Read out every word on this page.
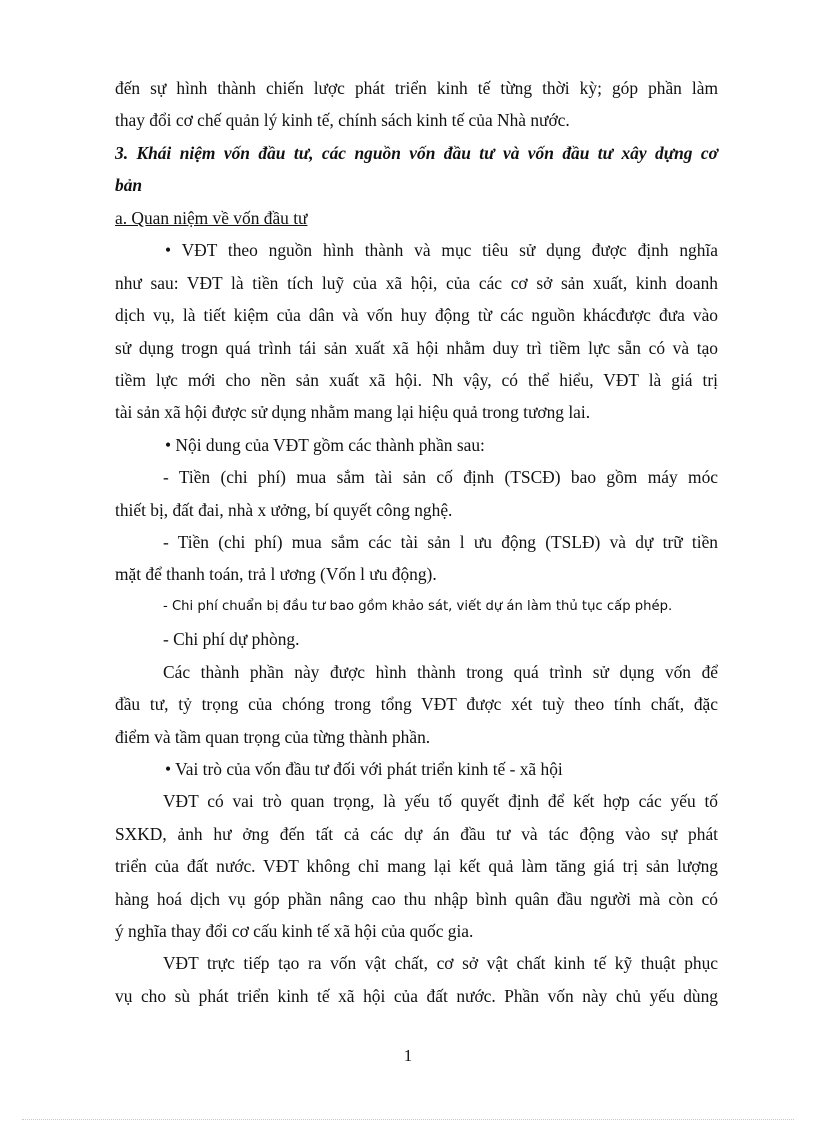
đến sự hình thành chiến lược phát triển kinh tế từng thời kỳ; góp phần làm
thay đổi cơ chế quản lý kinh tế, chính sách kinh tế của Nhà nước.
3. Khái niệm vốn đầu tư, các nguồn vốn đầu tư và vốn đầu tư xây dựng cơ
bản
a. Quan niệm về vốn đầu tư
• VĐT theo nguồn hình thành và mục tiêu sử dụng được định nghĩa
như sau: VĐT là tiền tích luỹ của xã hội, của các cơ sở sản xuất, kinh doanh
dịch vụ, là tiết kiệm của dân và vốn huy động từ các nguồn khácđược đưa vào
sử dụng trogn quá trình tái sản xuất xã hội nhằm duy trì tiềm lực sẵn có và tạo
tiềm lực mới cho nền sản xuất xã hội. Nh vậy, có thể hiểu, VĐT là giá trị
tài sản xã hội được sử dụng nhằm mang lại hiệu quả trong tương lai.
• Nội dung của VĐT gồm các thành phần sau:
- Tiền (chi phí) mua sắm tài sản cố định (TSCĐ) bao gồm máy móc
thiết bị, đất đai, nhà x ưởng, bí quyết công nghệ.
- Tiền (chi phí) mua sắm các tài sản l ưu động (TSLĐ) và dự trữ tiền
mặt để thanh toán, trả l ương (Vốn l ưu động).
- Chi phí chuẩn bị đầu tư bao gồm khảo sát, viết dự án làm thủ tục cấp phép.
- Chi phí dự phòng.
Các thành phần này được hình thành trong quá trình sử dụng vốn để
đầu tư, tỷ trọng của chóng trong tổng VĐT được xét tuỳ theo tính chất, đặc
điểm và tầm quan trọng của từng thành phần.
• Vai trò của vốn đầu tư đối với phát triển kinh tế - xã hội
VĐT có vai trò quan trọng, là yếu tố quyết định để kết hợp các yếu tố
SXKD, ảnh hư ởng đến tất cả các dự án đầu tư và tác động vào sự phát
triển của đất nước. VĐT không chỉ mang lại kết quả làm tăng giá trị sản lượng
hàng hoá dịch vụ góp phần nâng cao thu nhập bình quân đầu người mà còn có
ý nghĩa thay đổi cơ cấu kinh tế xã hội của quốc gia.
VĐT trực tiếp tạo ra vốn vật chất, cơ sở vật chất kinh tế kỹ thuật phục
vụ cho sù phát triển kinh tế xã hội của đất nước. Phần vốn này chủ yếu dùng
1
